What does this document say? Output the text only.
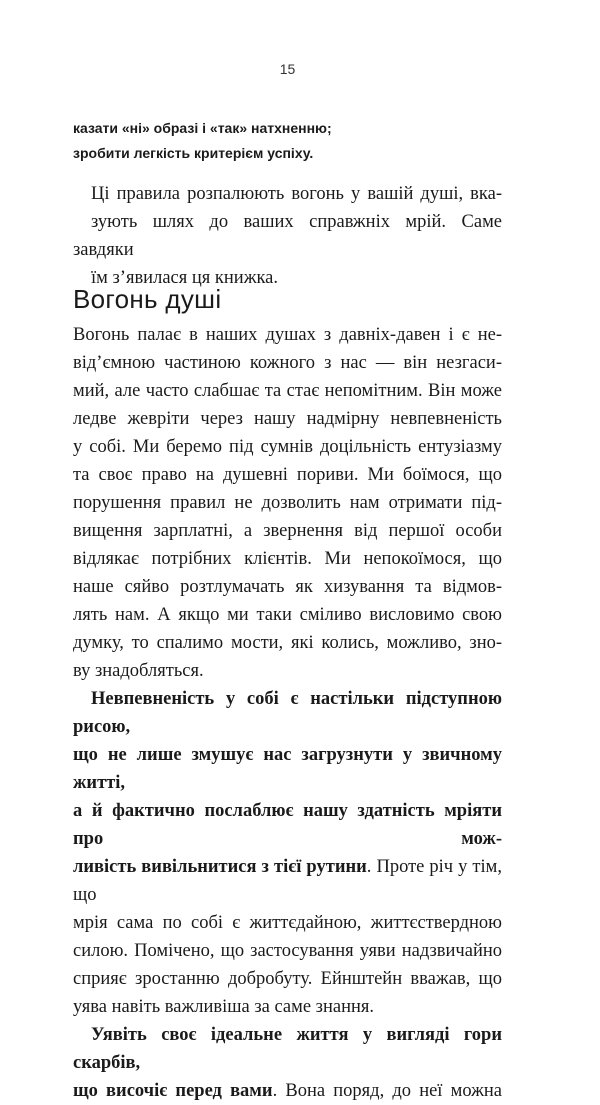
15
казати «ні» образі і «так» натхненню;
зробити легкість критерієм успіху.

Ці правила розпалюють вогонь у вашій душі, вка-
зують шлях до ваших справжніх мрій. Саме завдяки
їм з’явилася ця книжка.

Вогонь душі

Вогонь палає в наших душах з давніх-давен і є не-
від’ємною частиною кожного з нас — він незгаси-
мий, але часто слабшає та стає непомітним. Він може
ледве жевріти через нашу надмірну невпевненість
у собі. Ми беремо під сумнів доцільність ентузіазму
та своє право на душевні пориви. Ми боїмося, що
порушення правил не дозволить нам отримати під-
вищення зарплатні, а звернення від першої особи
відлякає потрібних клієнтів. Ми непокоїмося, що
наше сяйво розтлумачать як хизування та відмов-
лять нам. А якщо ми таки сміливо висловимо свою
думку, то спалимо мости, які колись, можливо, зно-
ву знадобляться.

Невпевненість у собі є настільки підступною рисою,
що не лише змушує нас загрузнути у звичному житті,
а й фактично послаблює нашу здатність мріяти про мож-
ливість вивільнитися з тієї рутини. Проте річ у тім, що
мрія сама по собі є життєдайною, життєствердною
силою. Помічено, що застосування уяви надзвичайно
сприяє зростанню добробуту. Ейнштейн вважав, що
уява навіть важливіша за саме знання.

Уявіть своє ідеальне життя у вигляді гори скарбів,
що височіє перед вами. Вона поряд, до неї можна
